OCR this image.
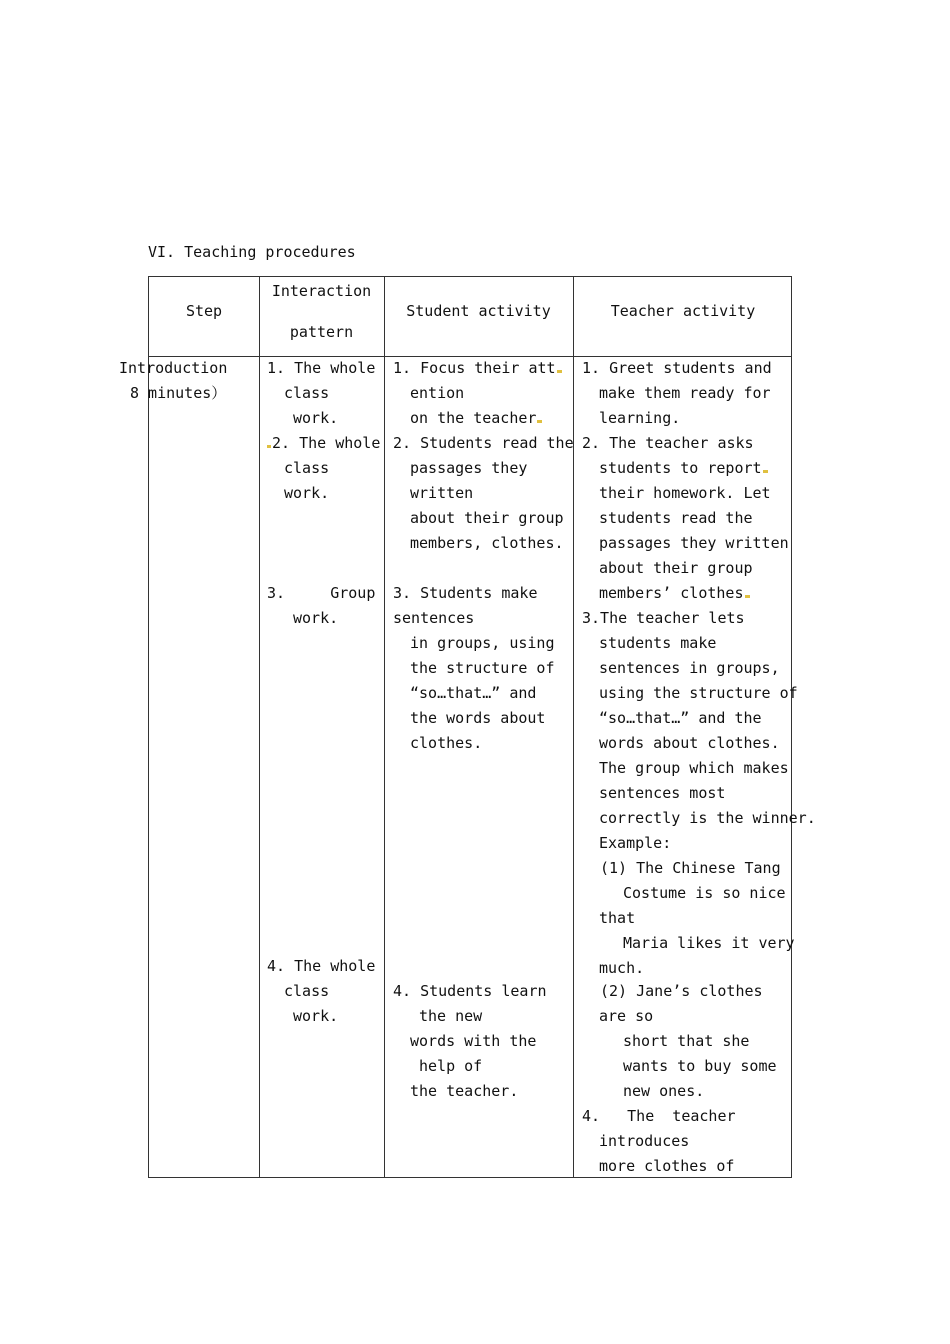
VI. Teaching procedures
Step
Interaction
pattern
Student activity	Teacher activity
Introduction
8 minutes）
1. The whole
class
work.
2. The whole
class
work.
3.     Group
work.
4. The whole
class
work.
1. Focus their att
ention
on the teacher
2. Students read the
passages they
written
about their group
members, clothes.
3. Students make
sentences
in groups, using
the structure of
“so…that…” and
the words about
clothes.
4. Students learn
the new
words with the
help of
the teacher.
1. Greet students and
make them ready for
learning.
2. The teacher asks
students to report
their homework. Let
students read the
passages they written
about their group
members’ clothes
3.The teacher lets
students make
sentences in groups,
using the structure of
“so…that…” and the
words about clothes.
The group which makes
sentences most
correctly is the winner.
Example:
(1) The Chinese Tang
Costume is so nice
that
Maria likes it very
much.
(2) Jane’s clothes
are so
short that she
wants to buy some
new ones.
4.   The  teacher
introduces
more clothes of
